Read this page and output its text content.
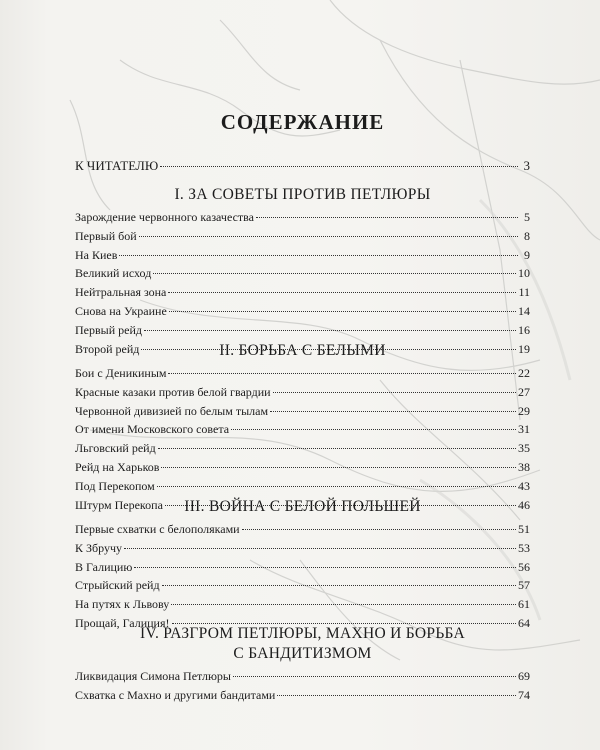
СОДЕРЖАНИЕ
К ЧИТАТЕЛЮ	3
I. ЗА СОВЕТЫ ПРОТИВ ПЕТЛЮРЫ
Зарождение червонного казачества	5
Первый бой	8
На Киев	9
Великий исход	10
Нейтральная зона	11
Снова на Украине	14
Первый рейд	16
Второй рейд	19
II. БОРЬБА С БЕЛЫМИ
Бои с Деникиным	22
Красные казаки против белой гвардии	27
Червонной дивизией по белым тылам	29
От имени Московского совета	31
Льговский рейд	35
Рейд на Харьков	38
Под Перекопом	43
Штурм Перекопа	46
III. ВОЙНА С БЕЛОЙ ПОЛЬШЕЙ
Первые схватки с белополяками	51
К Збручу	53
В Галицию	56
Стрыйский рейд	57
На путях к Львову	61
Прощай, Галиция!	64
IV. РАЗГРОМ ПЕТЛЮРЫ, МАХНО И БОРЬБА
С БАНДИТИЗМОМ
Ликвидация Симона Петлюры	69
Схватка с Махно и другими бандитами	74
